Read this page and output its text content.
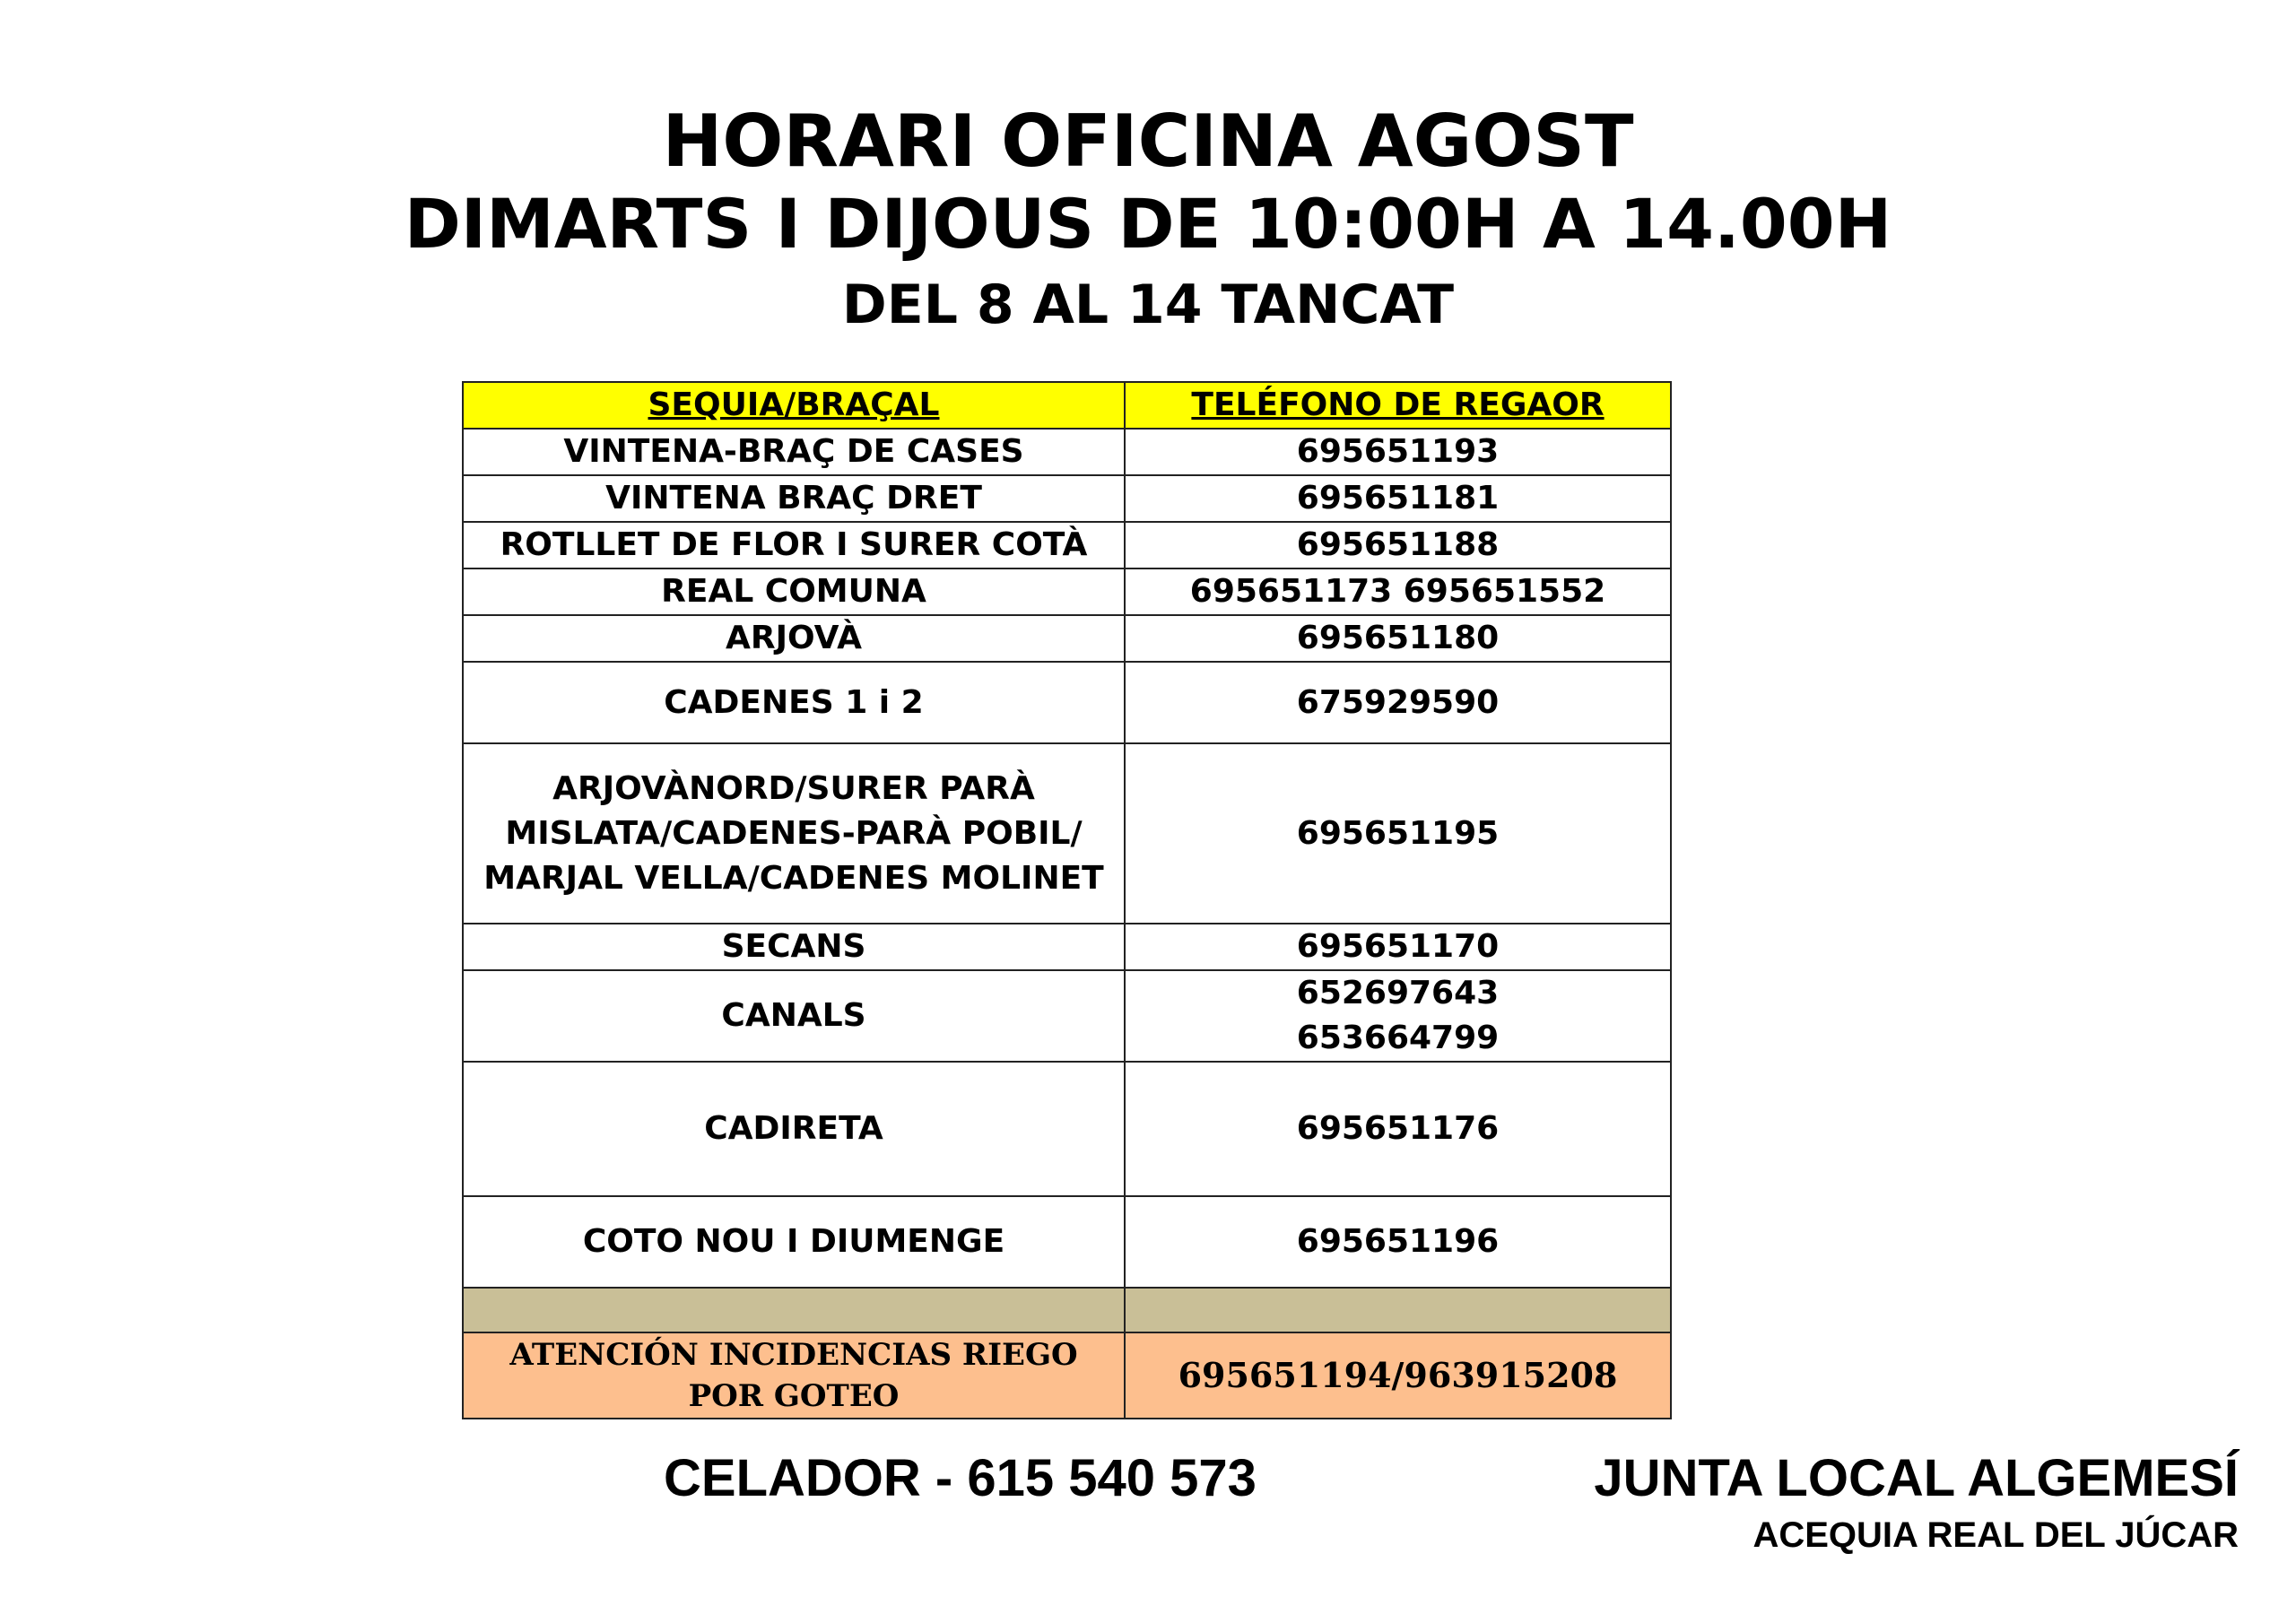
HORARI OFICINA AGOST
DIMARTS I DIJOUS DE 10:00H A 14.00H
DEL 8 AL 14 TANCAT
SEQUIA/BRAÇAL	TELÉFONO DE REGAOR
VINTENA-BRAÇ DE CASES	695651193
VINTENA BRAÇ DRET	695651181
ROTLLET DE FLOR I SURER COTÀ	695651188
REAL COMUNA	695651173 695651552
ARJOVÀ	695651180
CADENES 1 i 2	675929590
ARJOVÀNORD/SURER PARÀ MISLATA/CADENES-PARÀ POBIL/ MARJAL VELLA/CADENES MOLINET	695651195
SECANS	695651170
CANALS	652697643 653664799
CADIRETA	695651176
COTO NOU I DIUMENGE	695651196

ATENCIÓN INCIDENCIAS RIEGO POR GOTEO	695651194/963915208
CELADOR - 615 540 573	JUNTA LOCAL ALGEMESÍ
ACEQUIA REAL DEL JÚCAR
